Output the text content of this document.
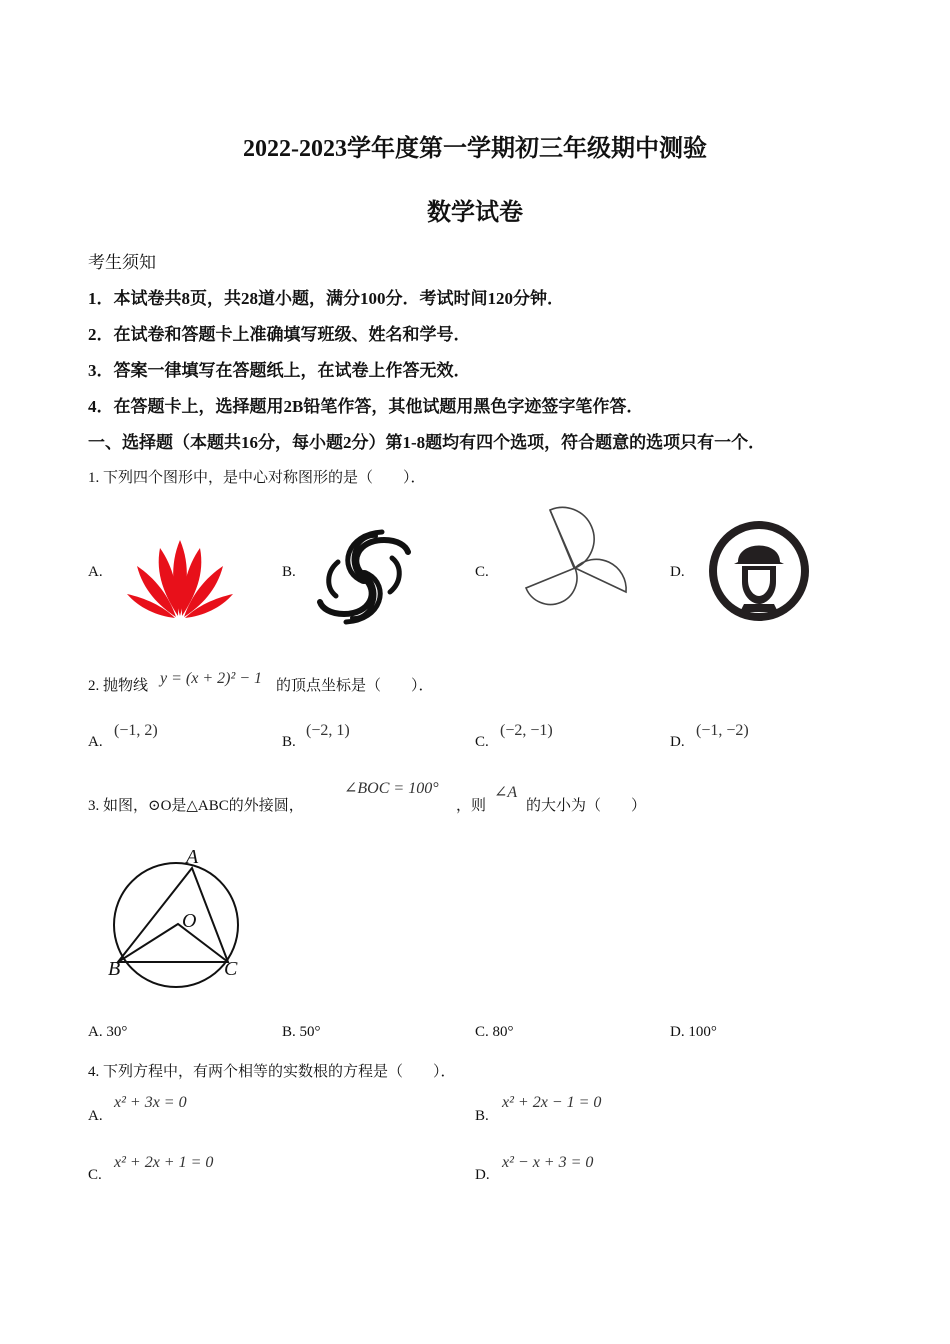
2022-2023学年度第一学期初三年级期中测验
数学试卷
考生须知
1．本试卷共8页，共28道小题，满分100分．考试时间120分钟．
2．在试卷和答题卡上准确填写班级、姓名和学号．
3．答案一律填写在答题纸上，在试卷上作答无效．
4．在答题卡上，选择题用2B铅笔作答，其他试题用黑色字迹签字笔作答．
一、选择题（本题共16分，每小题2分）第1-8题均有四个选项，符合题意的选项只有一个．
1. 下列四个图形中，是中心对称图形的是（　　）．
A.	B.	C.	D.
2. 抛物线 y = (x + 2)² − 1 的顶点坐标是（　　）．
A.
(−1, 2)
B.
(−2, 1)
C.
(−2, −1)
D.
(−1, −2)
3. 如图，⊙O是△ABC的外接圆，
∠BOC = 100°
，则
∠A
的大小为（　　）
A
O
B	C
A. 30°	B. 50°	C. 80°	D. 100°
4. 下列方程中，有两个相等的实数根的方程是（　　）．
A.
x² + 3x = 0
B.
x² + 2x − 1 = 0
C.
x² + 2x + 1 = 0
D.
x² − x + 3 = 0
